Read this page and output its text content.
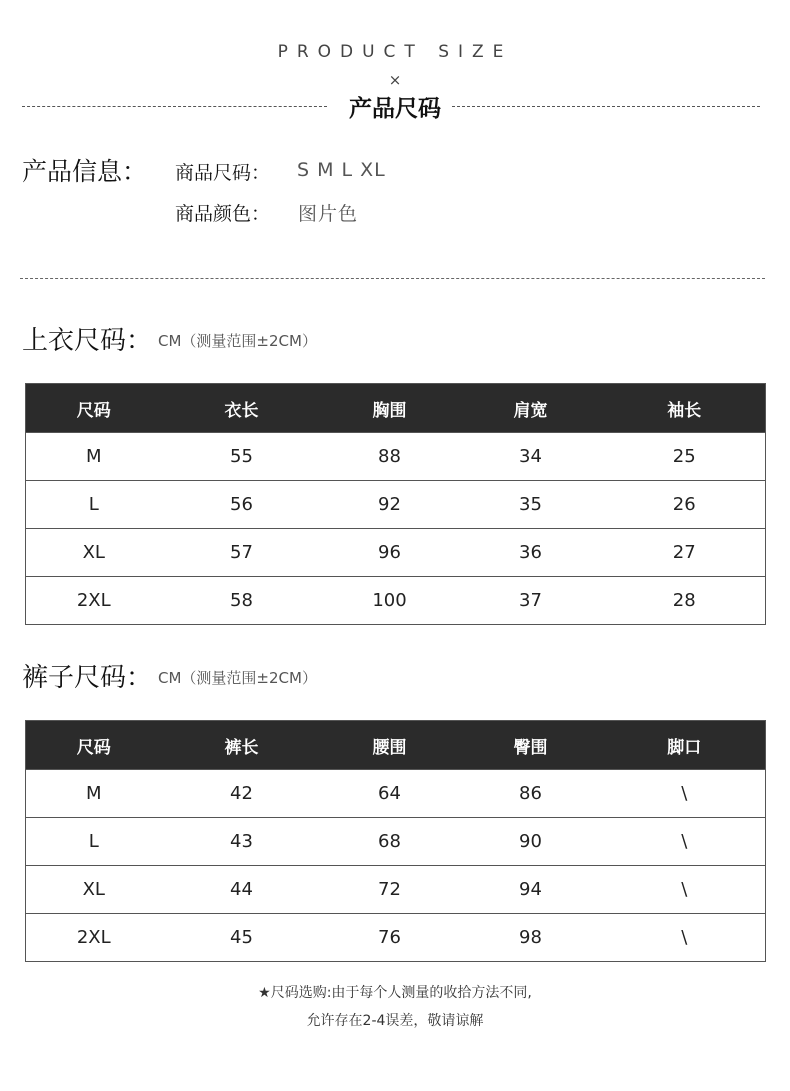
PRODUCT SIZE
×
产品尺码
产品信息： 商品尺码： S M L XL
商品颜色： 图片色
上衣尺码： CM（测量范围±2CM）
尺码	衣长	胸围	肩宽	袖长
M	55	88	34	25
L	56	92	35	26
XL	57	96	36	27
2XL	58	100	37	28
裤子尺码： CM（测量范围±2CM）
尺码	裤长	腰围	臀围	脚口
M	42	64	86	\
L	43	68	90	\
XL	44	72	94	\
2XL	45	76	98	\
★尺码选购:由于每个人测量的收拾方法不同,
允许存在2-4误差，敬请谅解
